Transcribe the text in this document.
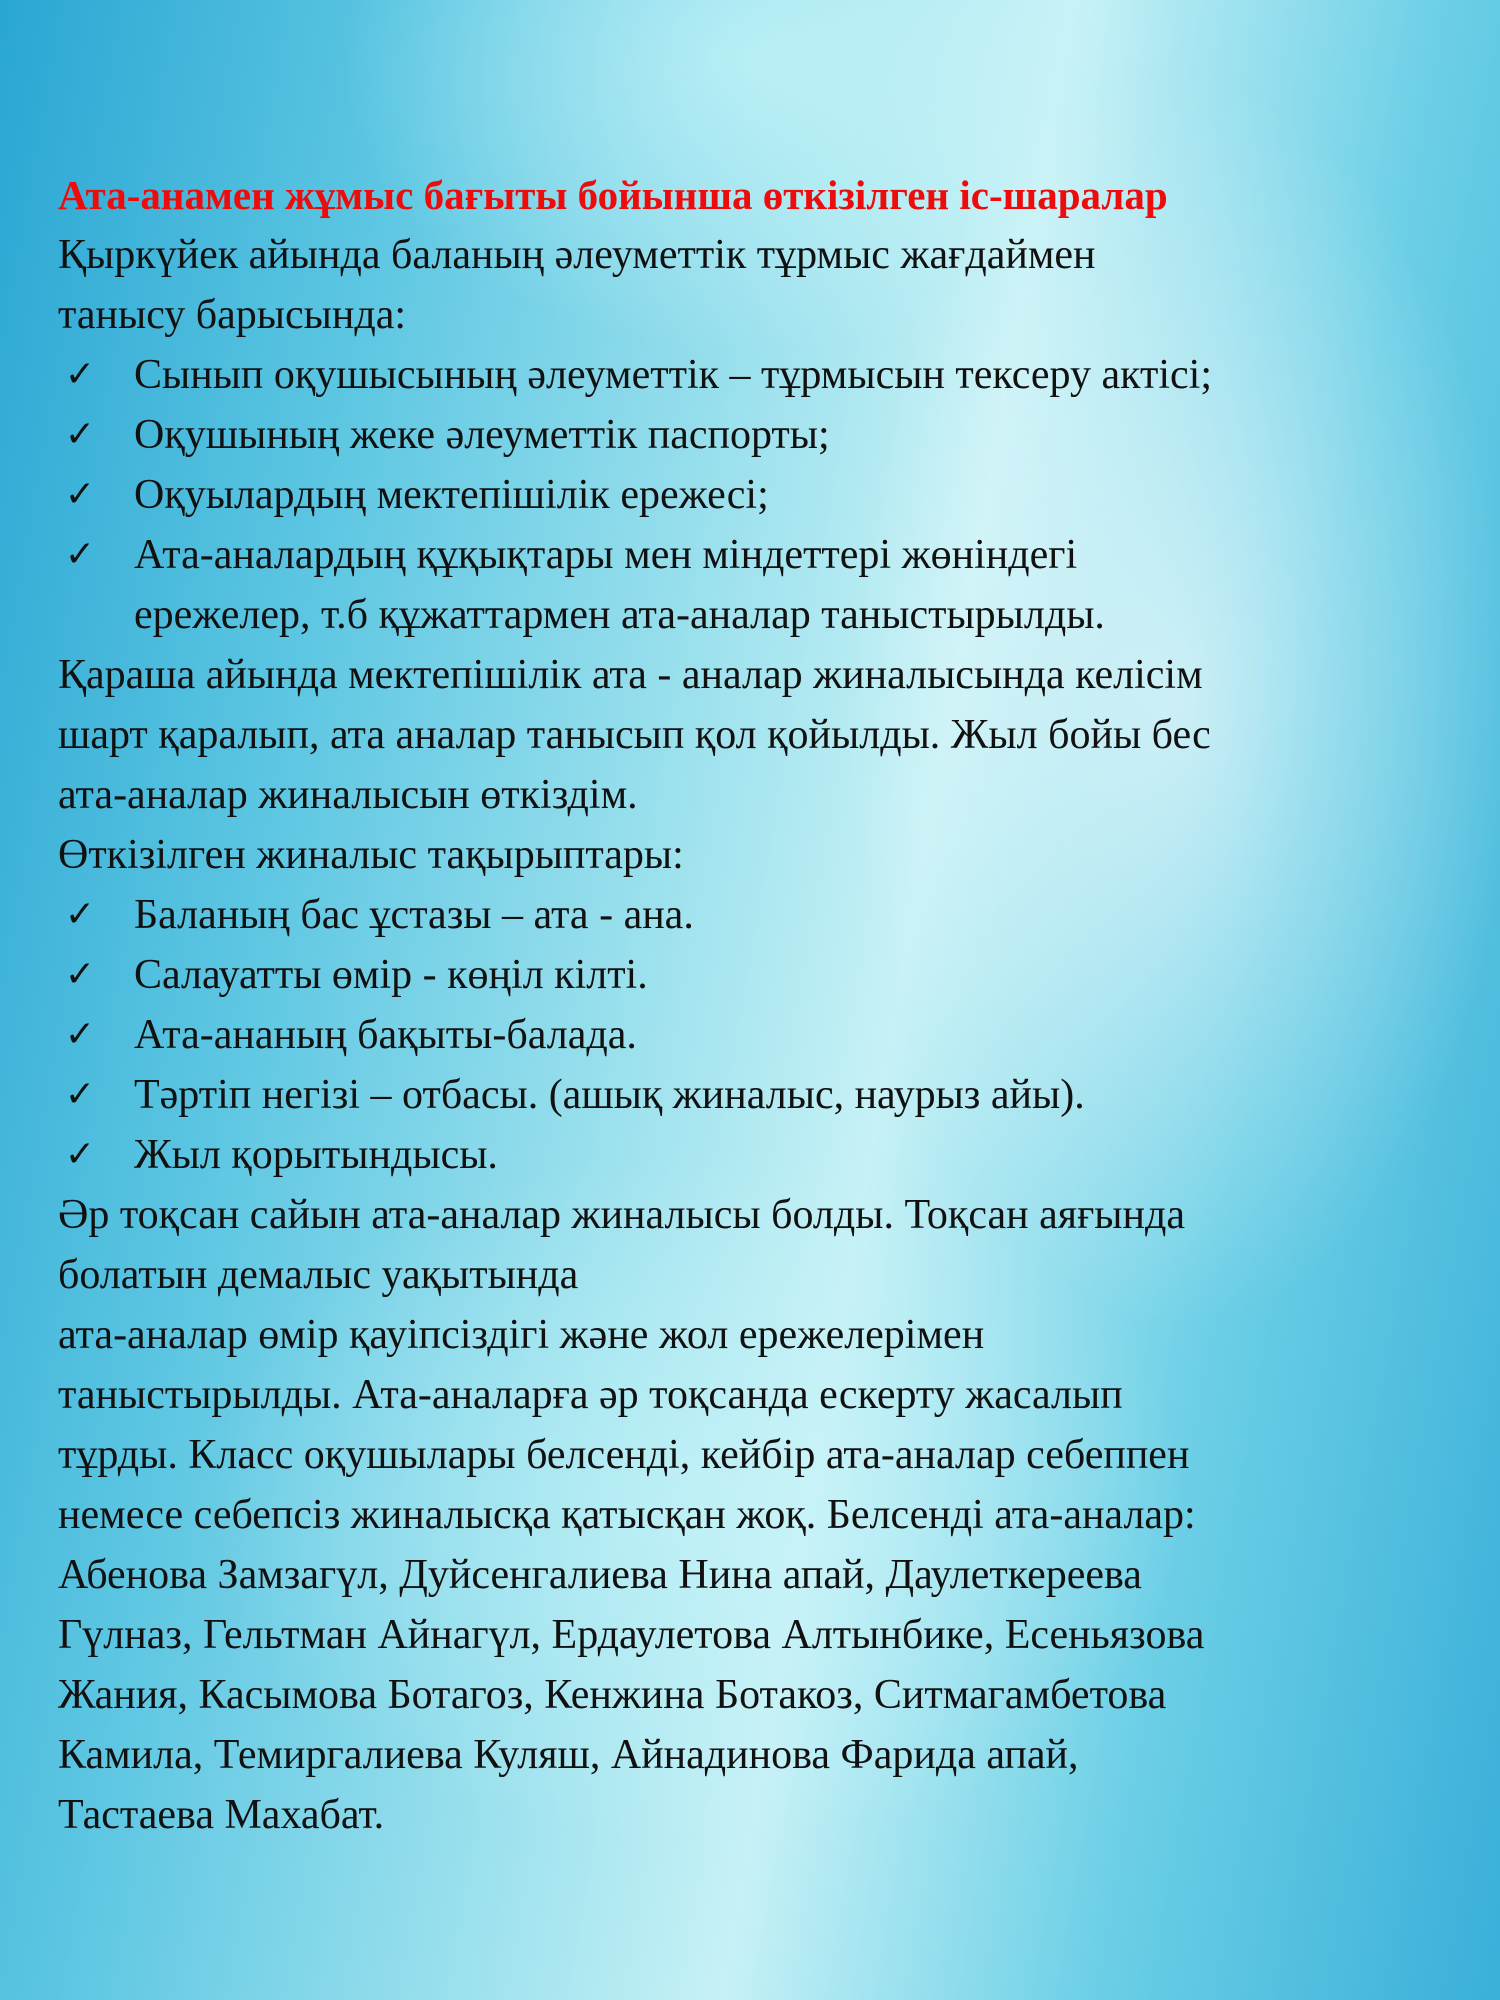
Ата-анамен жұмыс бағыты бойынша өткізілген іс-шаралар
Қыркүйек айында баланың әлеуметтік тұрмыс жағдаймен
танысу барысында:
✓ Сынып оқушысының әлеуметтік – тұрмысын тексеру актісі;
✓ Оқушының жеке әлеуметтік паспорты;
✓ Оқуылардың мектепішілік ережесі;
✓ Ата-аналардың құқықтары мен міндеттері жөніндегі
ережелер, т.б құжаттармен ата-аналар таныстырылды.
Қараша айында мектепішілік ата - аналар жиналысында келісім
шарт қаралып, ата аналар танысып қол қойылды. Жыл бойы бес
ата-аналар жиналысын өткіздім.
Өткізілген жиналыс тақырыптары:
✓ Баланың бас ұстазы – ата - ана.
✓ Салауатты өмір - көңіл кілті.
✓ Ата-ананың бақыты-балада.
✓ Тәртіп негізі – отбасы. (ашық жиналыс, наурыз айы).
✓ Жыл қорытындысы.
Әр тоқсан сайын ата-аналар жиналысы болды. Тоқсан аяғында
болатын демалыс уақытында
ата-аналар өмір қауіпсіздігі және жол ережелерімен
таныстырылды. Ата-аналарға әр тоқсанда ескерту жасалып
тұрды. Класс оқушылары белсенді, кейбір ата-аналар себеппен
немесе себепсіз жиналысқа қатысқан жоқ. Белсенді ата-аналар:
Абенова Замзагүл, Дуйсенгалиева Нина апай, Даулеткереева
Гүлназ, Гельтман Айнагүл, Ердаулетова Алтынбике, Есеньязова
Жания, Касымова Ботагоз, Кенжина Ботакоз, Ситмагамбетова
Камила, Темиргалиева Куляш, Айнадинова Фарида апай,
Тастаева Махабат.
